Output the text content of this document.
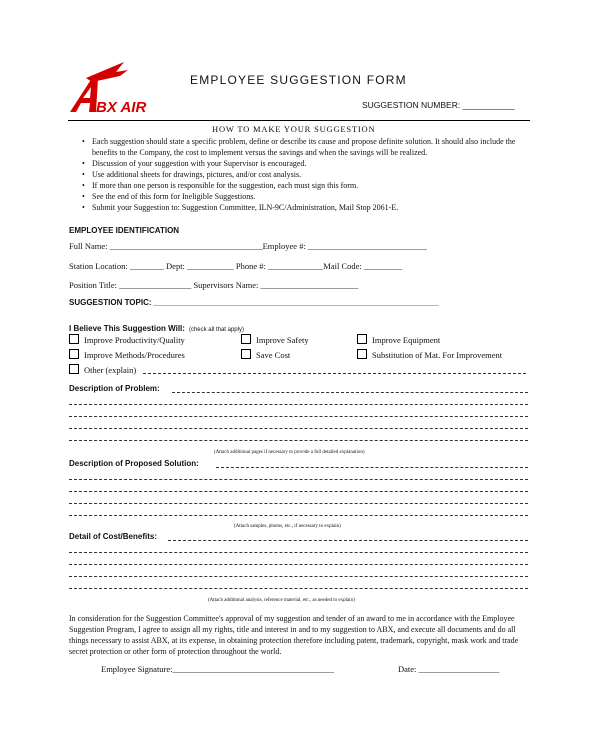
BX AIR
EMPLOYEE SUGGESTION FORM
SUGGESTION NUMBER: ___________
HOW TO MAKE YOUR SUGGESTION
• Each suggestion should state a specific problem, define or describe its cause and propose definite solution. It should also include the benefits to the Company, the cost to implement versus the savings and when the savings will be realized.
• Discussion of your suggestion with your Supervisor is encouraged.
• Use additional sheets for drawings, pictures, and/or cost analysis.
• If more than one person is responsible for the suggestion, each must sign this form.
• See the end of this form for Ineligible Suggestions.
• Submit your Suggestion to: Suggestion Committee, ILN-9C/Administration, Mail Stop 2061-E.
EMPLOYEE IDENTIFICATION
Full Name: ____________________________________Employee #: ____________________________
Station Location: ________ Dept: ___________ Phone #: _____________Mail Code: _________
Position Title: _________________ Supervisors Name: _______________________
SUGGESTION TOPIC: ________________________________________________________________
I Believe This Suggestion Will: (check all that apply)
Improve Productivity/Quality	Improve Safety	Improve Equipment
Improve Methods/Procedures	Save Cost	Substitution of Mat. For Improvement
Other (explain)
Description of Problem:
(Attach additional pages if necessary to provide a full detailed explanation)
Description of Proposed Solution:
(Attach samples, photos, etc., if necessary to explain)
Detail of Cost/Benefits:
(Attach additional analysis, reference material, etc., as needed to explain)
In consideration for the Suggestion Committee's approval of my suggestion and tender of an award to me in accordance with the Employee Suggestion Program, I agree to assign all my rights, title and interest in and to my suggestion to ABX, and execute all documents and do all things necessary to assist ABX, at its expense, in obtaining protection therefore including patent, trademark, copyright, mask work and trade secret protection or other form of protection throughout the world.
Employee Signature:______________________________________	Date: ___________________
